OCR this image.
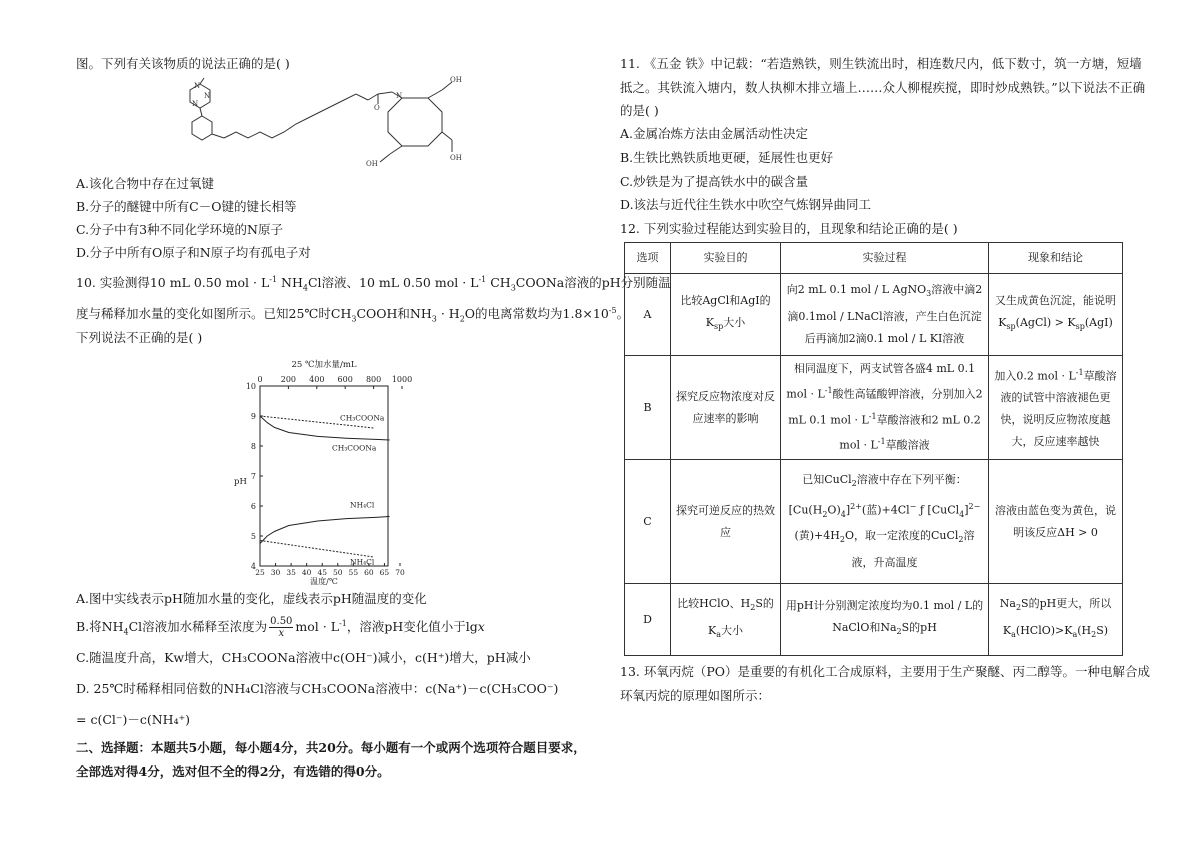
图。下列有关该物质的说法正确的是( )
N
N
N	O
N
OH
OH
OH
A.该化合物中存在过氧键
B.分子的醚键中所有C－O键的键长相等
C.分子中有3种不同化学环境的N原子
D.分子中所有O原子和N原子均有孤电子对
10. 实验测得10 mL 0.50 mol · $L^{-1}$ $NH_4Cl$溶液、10 mL 0.50 mol · $L^{-1}$ $CH_3COONa$溶液的pH分别随温
度与稀释加水量的变化如图所示。已知25℃时$CH_3COOH$和$NH_3 \cdot H_2O$的电离常数均为$1.8\times 10^{-5}$。
下列说法不正确的是( )
25 ℃加水量/mL
0 200 400 600 800 1000
25 30 35 40 45 50 55 60 65 70
4
5
6
7
8
9
10
pH
温度/℃
CH₃COONa
CH₃COONa
NH₄Cl
NH₄Cl
A.图中实线表示pH随加水量的变化，虚线表示pH随温度的变化
B.将$NH_4Cl$溶液加水稀释至浓度为 $\frac{0.50}{x}$ mol · $L^{-1}$，溶液pH变化值小于lgx
C.随温度升高，Kw增大，CH₃COONa溶液中c(OH⁻)减小，c(H⁺)增大，pH减小
D. 25℃时稀释相同倍数的NH₄Cl溶液与CH₃COONa溶液中：c(Na⁺)－c(CH₃COO⁻)
= c(Cl⁻)－c(NH₄⁺)
二、选择题：本题共5小题，每小题4分，共20分。每小题有一个或两个选项符合题目要求，
全部选对得4分，选对但不全的得2分，有选错的得0分。
11. 《五金 铁》中记载：“若造熟铁，则生铁流出时，相连数尺内，低下数寸，筑一方塘，短墙
抵之。其铁流入塘内，数人执柳木排立墙上……众人柳棍疾搅，即时炒成熟铁。”以下说法不正确
的是( )
A.金属冶炼方法由金属活动性决定
B.生铁比熟铁质地更硬，延展性也更好
C.炒铁是为了提高铁水中的碳含量
D.该法与近代往生铁水中吹空气炼钢异曲同工
12. 下列实验过程能达到实验目的，且现象和结论正确的是( )
选项	实验目的	实验过程	现象和结论
A	比较AgCl和AgI的$K_{sp}$大小	向2 mL 0.1 mol / L AgNO$_3$溶液中滴2滴0.1mol / LNaCl溶液，产生白色沉淀后再滴加2滴0.1 mol / L KI溶液	又生成黄色沉淀，能说明$K_{sp}(AgCl) > K_{sp}(AgI)$
B	探究反应物浓度对反应速率的影响	相同温度下，两支试管各盛4 mL 0.1 mol · $L^{-1}$酸性高锰酸钾溶液，分别加入2 mL 0.1 mol · $L^{-1}$草酸溶液和2 mL 0.2 mol · $L^{-1}$草酸溶液	加入0.2 mol · $L^{-1}$草酸溶液的试管中溶液褪色更快，说明反应物浓度越大，反应速率越快
C	探究可逆反应的热效应	已知CuCl$_2$溶液中存在下列平衡：$[Cu(H_2O)_4]^{2+}$(蓝)+4Cl− ƒ [CuCl$_4$]$^{2-}$(黄)$+4H_2O$，取一定浓度的CuCl$_2$溶液，升高温度	溶液由蓝色变为黄色，说明该反应ΔH > 0
D	比较HClO、$H_2S$的$K_a$大小	用pH计分别测定浓度均为0.1 mol / L的NaClO和$Na_2S$的pH	$Na_2S$的pH更大，所以$K_a(HClO)>K_a(H_2S)$
13. 环氧丙烷（PO）是重要的有机化工合成原料，主要用于生产聚醚、丙二醇等。一种电解合成
环氧丙烷的原理如图所示：
